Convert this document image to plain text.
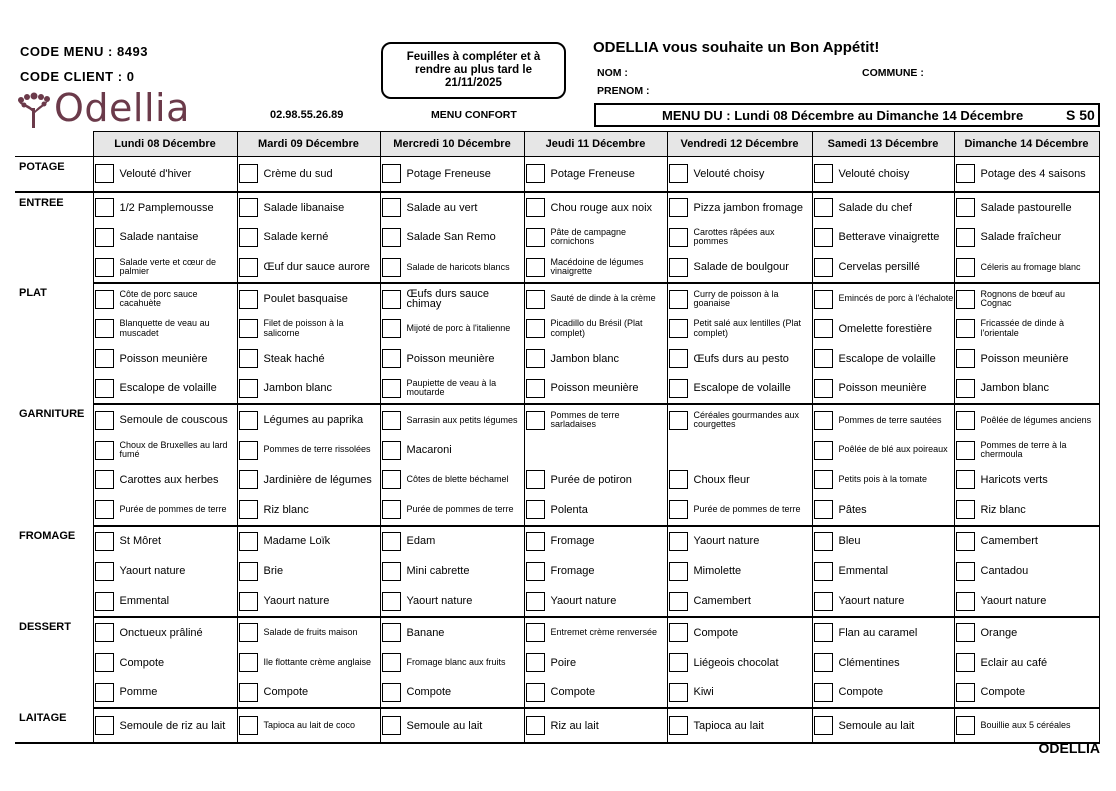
CODE MENU : 8493
CODE CLIENT : 0
Odellia	02.98.55.26.89
Feuilles à compléter et à
rendre au plus tard le
21/11/2025
MENU CONFORT
ODELLIA vous souhaite un Bon Appétit!
NOM :
PRENOM :
COMMUNE :
MENU DU : Lundi 08 Décembre au Dimanche 14 Décembre	S 50
	Lundi 08 Décembre	Mardi 09 Décembre	Mercredi 10 Décembre	Jeudi 11 Décembre	Vendredi 12 Décembre	Samedi 13 Décembre	Dimanche 14 Décembre
POTAGE	Velouté d'hiver	Crème du sud	Potage Freneuse	Potage Freneuse	Velouté choisy	Velouté choisy	Potage des 4 saisons

ENTREE	1/2 Pamplemousse	Salade libanaise	Salade au vert	Chou rouge aux noix	Pizza jambon fromage	Salade du chef	Salade pastourelle

	Salade nantaise	Salade kerné	Salade San Remo	Pâte de campagne cornichons	Carottes râpées aux pommes	Betterave vinaigrette	Salade fraîcheur

	Salade verte et cœur de palmier	Œuf dur sauce aurore	Salade de haricots blancs	Macédoine de légumes vinaigrette	Salade de boulgour	Cervelas persillé	Céleris au fromage blanc

PLAT	Côte de porc sauce cacahuète	Poulet basquaise	Œufs durs sauce chimay	Sauté de dinde à la crème	Curry de poisson à la goanaise	Emincés de porc à l'échalote	Rognons de bœuf au Cognac

	Blanquette de veau au muscadet	Filet de poisson à la salicorne	Mijoté de porc à l'italienne	Picadillo du Brésil (Plat complet)	Petit salé aux lentilles (Plat complet)	Omelette forestière	Fricassée de dinde à l'orientale

	Poisson meunière	Steak haché	Poisson meunière	Jambon blanc	Œufs durs au pesto	Escalope de volaille	Poisson meunière

	Escalope de volaille	Jambon blanc	Paupiette de veau à la moutarde	Poisson meunière	Escalope de volaille	Poisson meunière	Jambon blanc

GARNITURE	Semoule de couscous	Légumes au paprika	Sarrasin aux petits légumes	Pommes de terre sarladaises	Céréales gourmandes aux courgettes	Pommes de terre sautées	Poêlée de légumes anciens

	Choux de Bruxelles au lard fumé	Pommes de terre rissolées	Macaroni			Poêlée de blé aux poireaux	Pommes de terre à la chermoula

	Carottes aux herbes	Jardinière de légumes	Côtes de blette béchamel	Purée de potiron	Choux fleur	Petits pois à la tomate	Haricots verts

	Purée de pommes de terre	Riz blanc	Purée de pommes de terre	Polenta	Purée de pommes de terre	Pâtes	Riz blanc

FROMAGE	St Môret	Madame Loïk	Edam	Fromage	Yaourt nature	Bleu	Camembert

	Yaourt nature	Brie	Mini cabrette	Fromage	Mimolette	Emmental	Cantadou

	Emmental	Yaourt nature	Yaourt nature	Yaourt nature	Camembert	Yaourt nature	Yaourt nature

DESSERT	Onctueux prâliné	Salade de fruits maison	Banane	Entremet crème renversée	Compote	Flan au caramel	Orange

	Compote	Ile flottante crème anglaise	Fromage blanc aux fruits	Poire	Liégeois chocolat	Clémentines	Eclair au café

	Pomme	Compote	Compote	Compote	Kiwi	Compote	Compote

LAITAGE	Semoule de riz au lait	Tapioca au lait de coco	Semoule au lait	Riz au lait	Tapioca au lait	Semoule au lait	Bouillie aux 5 céréales
ODELLIA
